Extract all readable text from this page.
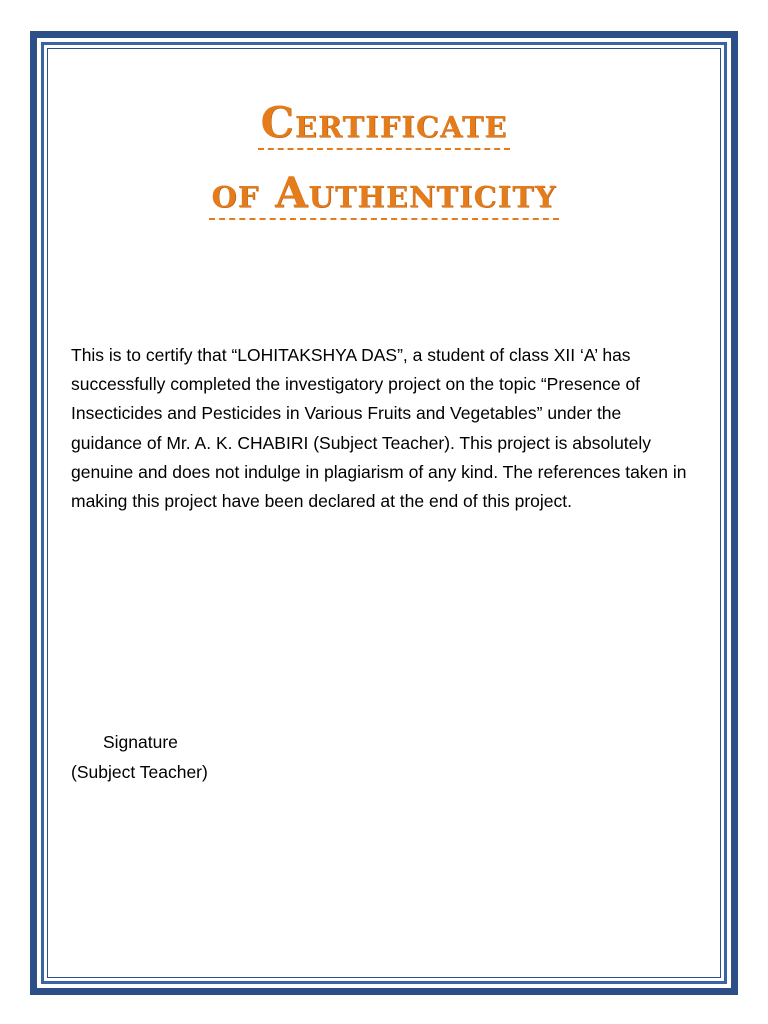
Certificate
of Authenticity

This is to certify that “LOHITAKSHYA DAS”, a student of class XII ‘A’ has successfully completed the investigatory project on the topic “Presence of Insecticides and Pesticides in Various Fruits and Vegetables” under the guidance of Mr. A. K. CHABIRI (Subject Teacher). This project is absolutely genuine and does not indulge in plagiarism of any kind. The references taken in making this project have been declared at the end of this project.

Signature
(Subject Teacher)
